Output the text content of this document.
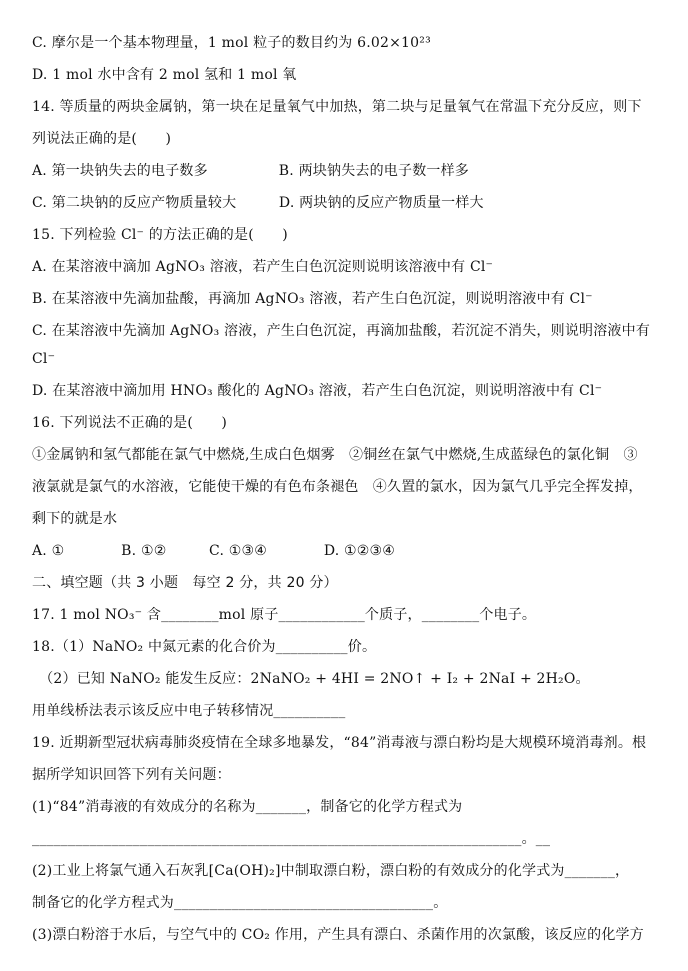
C. 摩尔是一个基本物理量，1 mol 粒子的数目约为 6.02×10²³
D. 1 mol 水中含有 2 mol 氢和 1 mol 氧
14. 等质量的两块金属钠，第一块在足量氧气中加热，第二块与足量氧气在常温下充分反应，则下
列说法正确的是(　　)
A. 第一块钠失去的电子数多　　　　　B. 两块钠失去的电子数一样多
C. 第二块钠的反应产物质量较大　　　D. 两块钠的反应产物质量一样大
15. 下列检验 Cl⁻ 的方法正确的是(　　)
A. 在某溶液中滴加 AgNO₃ 溶液，若产生白色沉淀则说明该溶液中有 Cl⁻
B. 在某溶液中先滴加盐酸，再滴加 AgNO₃ 溶液，若产生白色沉淀，则说明溶液中有 Cl⁻
C. 在某溶液中先滴加 AgNO₃ 溶液，产生白色沉淀，再滴加盐酸，若沉淀不消失，则说明溶液中有
Cl⁻
D. 在某溶液中滴加用 HNO₃ 酸化的 AgNO₃ 溶液，若产生白色沉淀，则说明溶液中有 Cl⁻
16. 下列说法不正确的是(　　)
①金属钠和氢气都能在氯气中燃烧,生成白色烟雾　②铜丝在氯气中燃烧,生成蓝绿色的氯化铜　③
液氯就是氯气的水溶液，它能使干燥的有色布条褪色　④久置的氯水，因为氯气几乎完全挥发掉，
剩下的就是水
A. ①　　　　B. ①②　　　C. ①③④　　　　D. ①②③④
二、填空题（共 3 小题　每空 2 分，共 20 分）
17. 1 mol NO₃⁻ 含________mol 原子____________个质子，________个电子。
18.（1）NaNO₂ 中氮元素的化合价为__________价。
　（2）已知 NaNO₂ 能发生反应：2NaNO₂ + 4HI = 2NO↑ + I₂ + 2NaI + 2H₂O。
用单线桥法表示该反应中电子转移情况__________
19. 近期新型冠状病毒肺炎疫情在全球多地暴发，“84”消毒液与漂白粉均是大规模环境消毒剂。根
据所学知识回答下列有关问题：
(1)“84”消毒液的有效成分的名称为_______，制备它的化学方程式为
____________________________________________________________________。__
(2)工业上将氯气通入石灰乳[Ca(OH)₂]中制取漂白粉，漂白粉的有效成分的化学式为_______，
制备它的化学方程式为____________________________________。
(3)漂白粉溶于水后，与空气中的 CO₂ 作用，产生具有漂白、杀菌作用的次氯酸，该反应的化学方
